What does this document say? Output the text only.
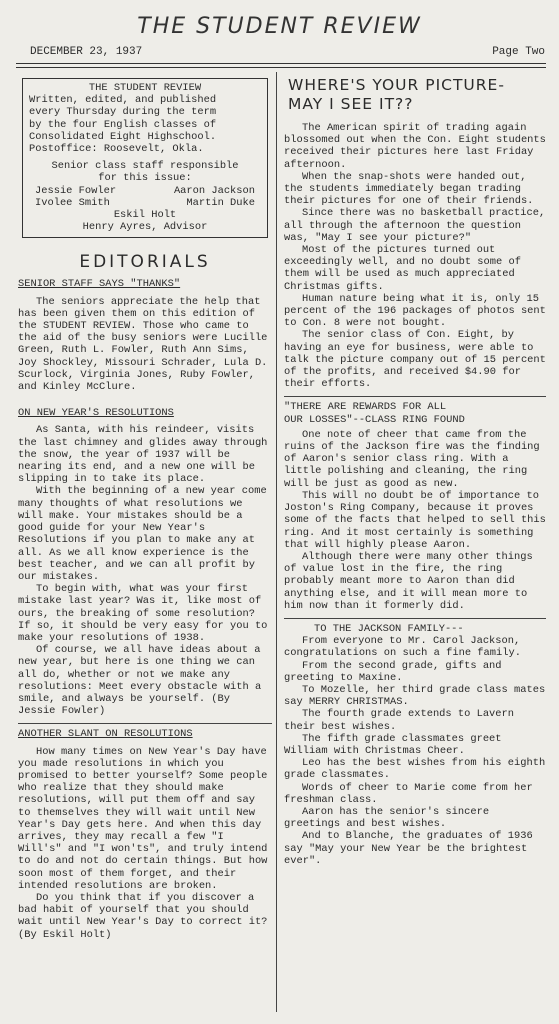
THE STUDENT REVIEW
DECEMBER 23, 1937	Page Two
THE STUDENT REVIEW
Written, edited, and published
every Thursday during the term
by the four English classes of
Consolidated Eight Highschool.
Postoffice: Roosevelt, Okla.
Senior class staff responsible
for this issue:
Jessie Fowler	Aaron Jackson
Ivolee Smith	Martin Duke
Eskil Holt
Henry Ayres, Advisor
EDITORIALS
SENIOR STAFF SAYS "THANKS"

The seniors appreciate the help that has been given them on this edition of the STUDENT REVIEW. Those who came to the aid of the busy seniors were Lucille Green, Ruth L. Fowler, Ruth Ann Sims, Joy Shockley, Missouri Schrader, Lula D. Scurlock, Virginia Jones, Ruby Fowler, and Kinley McClure.

ON NEW YEAR'S RESOLUTIONS

As Santa, with his reindeer, visits the last chimney and glides away through the snow, the year of 1937 will be nearing its end, and a new one will be slipping in to take its place.

With the beginning of a new year come many thoughts of what resolutions we will make. Your mistakes should be a good guide for your New Year's Resolutions if you plan to make any at all. As we all know experience is the best teacher, and we can all profit by our mistakes.

To begin with, what was your first mistake last year? Was it, like most of ours, the breaking of some resolution? If so, it should be very easy for you to make your resolutions of 1938.

Of course, we all have ideas about a new year, but here is one thing we can all do, whether or not we make any resolutions: Meet every obstacle with a smile, and always be yourself. (By Jessie Fowler)

ANOTHER SLANT ON RESOLUTIONS

How many times on New Year's Day have you made resolutions in which you promised to better yourself? Some people who realize that they should make resolutions, will put them off and say to themselves they will wait until New Year's Day gets here. And when this day arrives, they may recall a few "I Will's" and "I won'ts", and truly intend to do and not do certain things. But how soon most of them forget, and their intended resolutions are broken.

Do you think that if you discover a bad habit of yourself that you should wait until New Year's Day to correct it? (By Eskil Holt)

WHERE'S YOUR PICTURE-
MAY I SEE IT??

The American spirit of trading again blossomed out when the Con. Eight students received their pictures here last Friday afternoon.

When the snap-shots were handed out, the students immediately began trading their pictures for one of their friends.

Since there was no basketball practice, all through the afternoon the question was, "May I see your picture?"

Most of the pictures turned out exceedingly well, and no doubt some of them will be used as much appreciated Christmas gifts.

Human nature being what it is, only 15 percent of the 196 packages of photos sent to Con. 8 were not bought.

The senior class of Con. Eight, by having an eye for business, were able to talk the picture company out of 15 percent of the profits, and received $4.90 for their efforts.

"THERE ARE REWARDS FOR ALL
OUR LOSSES"--CLASS RING FOUND

One note of cheer that came from the ruins of the Jackson fire was the finding of Aaron's senior class ring. With a little polishing and cleaning, the ring will be just as good as new.

This will no doubt be of importance to Joston's Ring Company, because it proves some of the facts that helped to sell this ring. And it most certainly is something that will highly please Aaron.

Although there were many other things of value lost in the fire, the ring probably meant more to Aaron than did anything else, and it will mean more to him now than it formerly did.

TO THE JACKSON FAMILY---

From everyone to Mr. Carol Jackson, congratulations on such a fine family.

From the second grade, gifts and greeting to Maxine.

To Mozelle, her third grade class mates say MERRY CHRISTMAS.

The fourth grade extends to Lavern their best wishes.

The fifth grade classmates greet William with Christmas Cheer.

Leo has the best wishes from his eighth grade classmates.

Words of cheer to Marie come from her freshman class.

Aaron has the senior's sincere greetings and best wishes.

And to Blanche, the graduates of 1936 say "May your New Year be the brightest ever".
